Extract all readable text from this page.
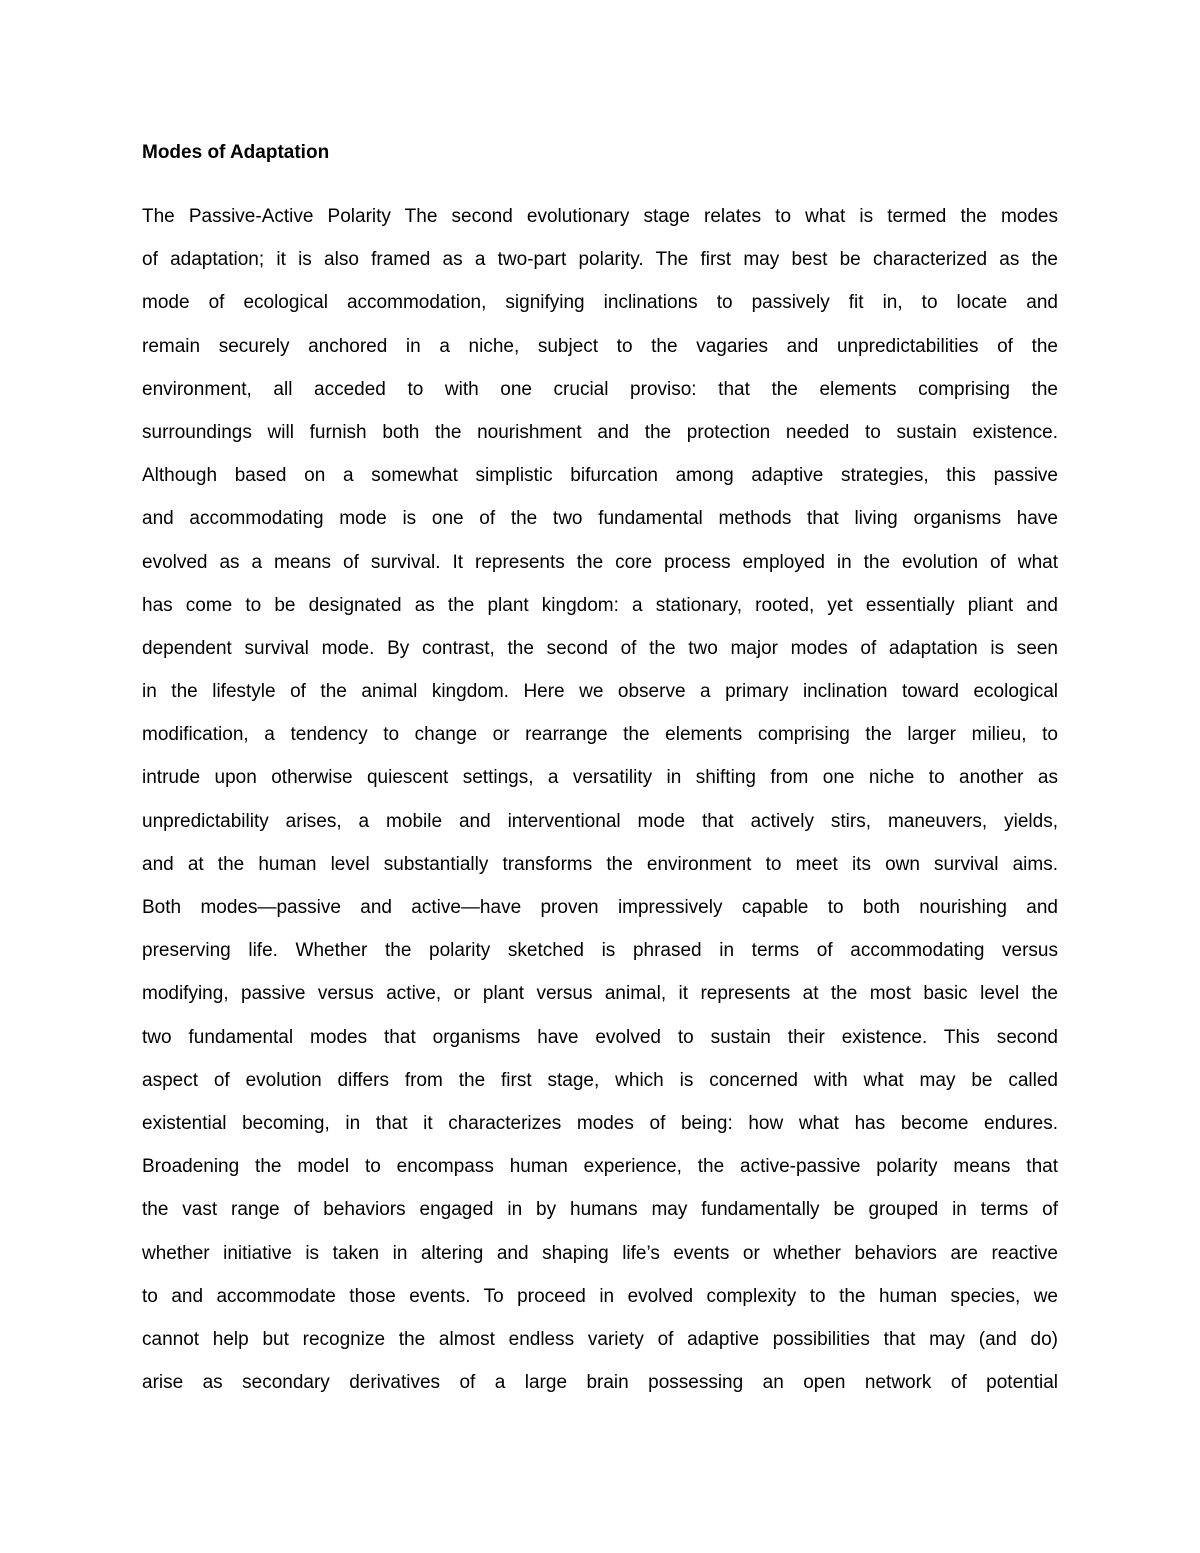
Modes of Adaptation
The Passive-Active Polarity The second evolutionary stage relates to what is termed the modes
of adaptation; it is also framed as a two-part polarity. The first may best be characterized as the
mode of ecological accommodation, signifying inclinations to passively fit in, to locate and
remain securely anchored in a niche, subject to the vagaries and unpredictabilities of the
environment, all acceded to with one crucial proviso: that the elements comprising the
surroundings will furnish both the nourishment and the protection needed to sustain existence.
Although based on a somewhat simplistic bifurcation among adaptive strategies, this passive
and accommodating mode is one of the two fundamental methods that living organisms have
evolved as a means of survival. It represents the core process employed in the evolution of what
has come to be designated as the plant kingdom: a stationary, rooted, yet essentially pliant and
dependent survival mode. By contrast, the second of the two major modes of adaptation is seen
in the lifestyle of the animal kingdom. Here we observe a primary inclination toward ecological
modification, a tendency to change or rearrange the elements comprising the larger milieu, to
intrude upon otherwise quiescent settings, a versatility in shifting from one niche to another as
unpredictability arises, a mobile and interventional mode that actively stirs, maneuvers, yields,
and at the human level substantially transforms the environment to meet its own survival aims.
Both modes—passive and active—have proven impressively capable to both nourishing and
preserving life. Whether the polarity sketched is phrased in terms of accommodating versus
modifying, passive versus active, or plant versus animal, it represents at the most basic level the
two fundamental modes that organisms have evolved to sustain their existence. This second
aspect of evolution differs from the first stage, which is concerned with what may be called
existential becoming, in that it characterizes modes of being: how what has become endures.
Broadening the model to encompass human experience, the active-passive polarity means that
the vast range of behaviors engaged in by humans may fundamentally be grouped in terms of
whether initiative is taken in altering and shaping life’s events or whether behaviors are reactive
to and accommodate those events. To proceed in evolved complexity to the human species, we
cannot help but recognize the almost endless variety of adaptive possibilities that may (and do)
arise as secondary derivatives of a large brain possessing an open network of potential
